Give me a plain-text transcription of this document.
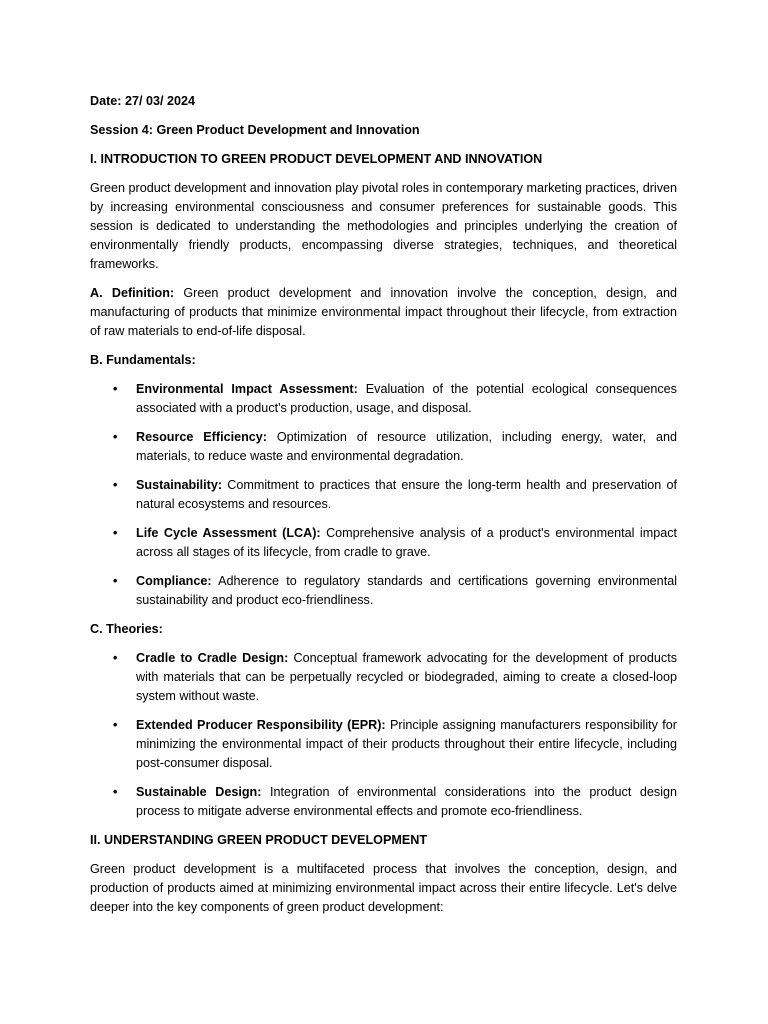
Date: 27/ 03/ 2024

Session 4: Green Product Development and Innovation

I. INTRODUCTION TO GREEN PRODUCT DEVELOPMENT AND INNOVATION

Green product development and innovation play pivotal roles in contemporary marketing practices, driven by increasing environmental consciousness and consumer preferences for sustainable goods. This session is dedicated to understanding the methodologies and principles underlying the creation of environmentally friendly products, encompassing diverse strategies, techniques, and theoretical frameworks.

A. Definition: Green product development and innovation involve the conception, design, and manufacturing of products that minimize environmental impact throughout their lifecycle, from extraction of raw materials to end-of-life disposal.

B. Fundamentals:

• Environmental Impact Assessment: Evaluation of the potential ecological consequences associated with a product's production, usage, and disposal.
• Resource Efficiency: Optimization of resource utilization, including energy, water, and materials, to reduce waste and environmental degradation.
• Sustainability: Commitment to practices that ensure the long-term health and preservation of natural ecosystems and resources.
• Life Cycle Assessment (LCA): Comprehensive analysis of a product's environmental impact across all stages of its lifecycle, from cradle to grave.
• Compliance: Adherence to regulatory standards and certifications governing environmental sustainability and product eco-friendliness.

C. Theories:

• Cradle to Cradle Design: Conceptual framework advocating for the development of products with materials that can be perpetually recycled or biodegraded, aiming to create a closed-loop system without waste.
• Extended Producer Responsibility (EPR): Principle assigning manufacturers responsibility for minimizing the environmental impact of their products throughout their entire lifecycle, including post-consumer disposal.
• Sustainable Design: Integration of environmental considerations into the product design process to mitigate adverse environmental effects and promote eco-friendliness.

II. UNDERSTANDING GREEN PRODUCT DEVELOPMENT

Green product development is a multifaceted process that involves the conception, design, and production of products aimed at minimizing environmental impact across their entire lifecycle. Let's delve deeper into the key components of green product development:
